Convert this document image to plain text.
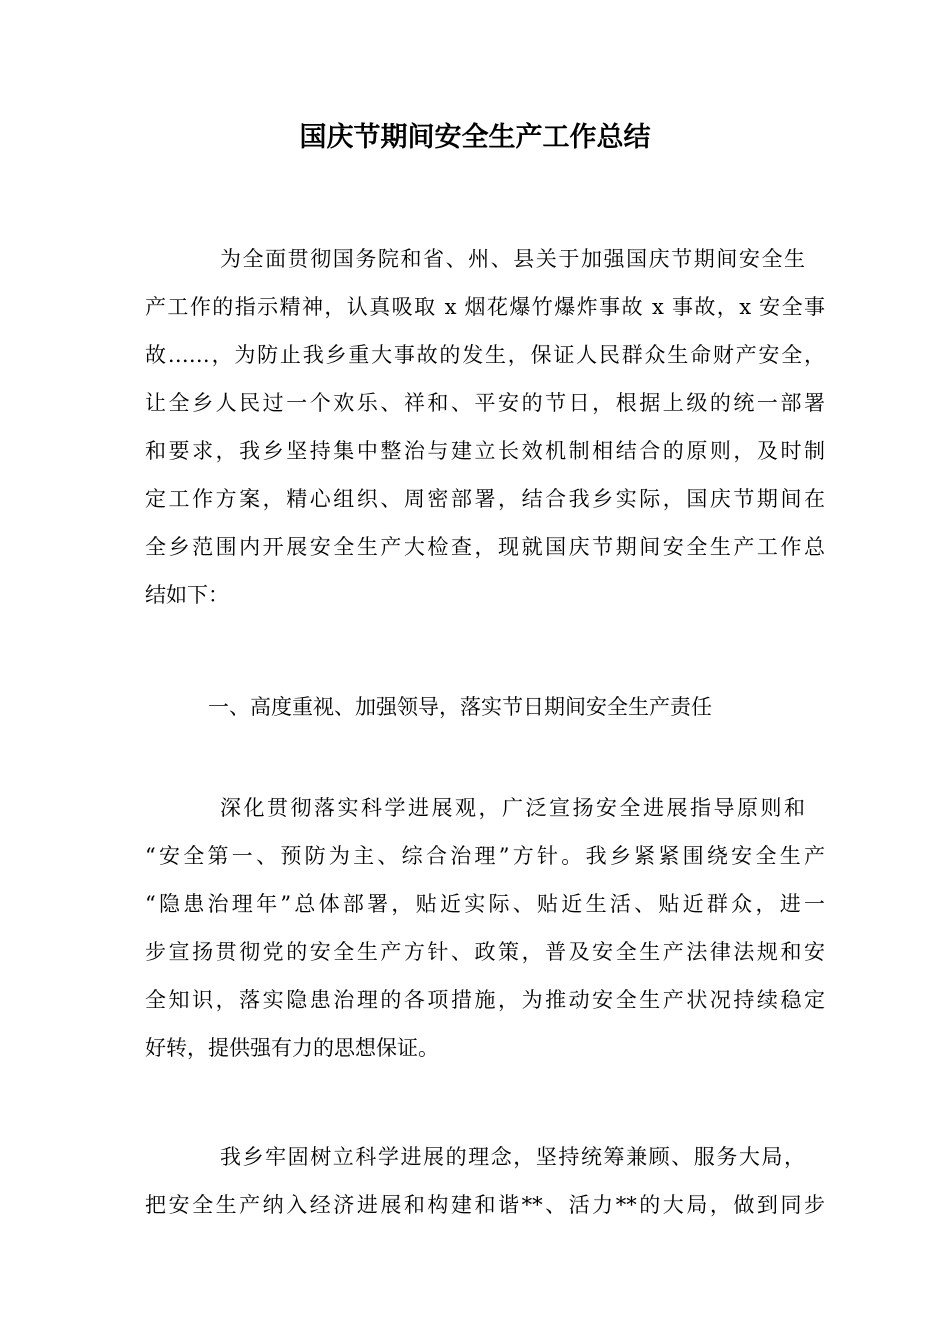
国庆节期间安全生产工作总结
为全面贯彻国务院和省、州、县关于加强国庆节期间安全生
产工作的指示精神，认真吸取 x 烟花爆竹爆炸事故 x 事故，x 安全事
故……，为防止我乡重大事故的发生，保证人民群众生命财产安全，
让全乡人民过一个欢乐、祥和、平安的节日，根据上级的统一部署
和要求，我乡坚持集中整治与建立长效机制相结合的原则，及时制
定工作方案，精心组织、周密部署，结合我乡实际，国庆节期间在
全乡范围内开展安全生产大检查，现就国庆节期间安全生产工作总
结如下：
一、高度重视、加强领导，落实节日期间安全生产责任
深化贯彻落实科学进展观，广泛宣扬安全进展指导原则和
“安全第一、预防为主、综合治理”方针。我乡紧紧围绕安全生产
“隐患治理年”总体部署，贴近实际、贴近生活、贴近群众，进一
步宣扬贯彻党的安全生产方针、政策，普及安全生产法律法规和安
全知识，落实隐患治理的各项措施，为推动安全生产状况持续稳定
好转，提供强有力的思想保证。
我乡牢固树立科学进展的理念，坚持统筹兼顾、服务大局，
把安全生产纳入经济进展和构建和谐**、活力**的大局，做到同步
